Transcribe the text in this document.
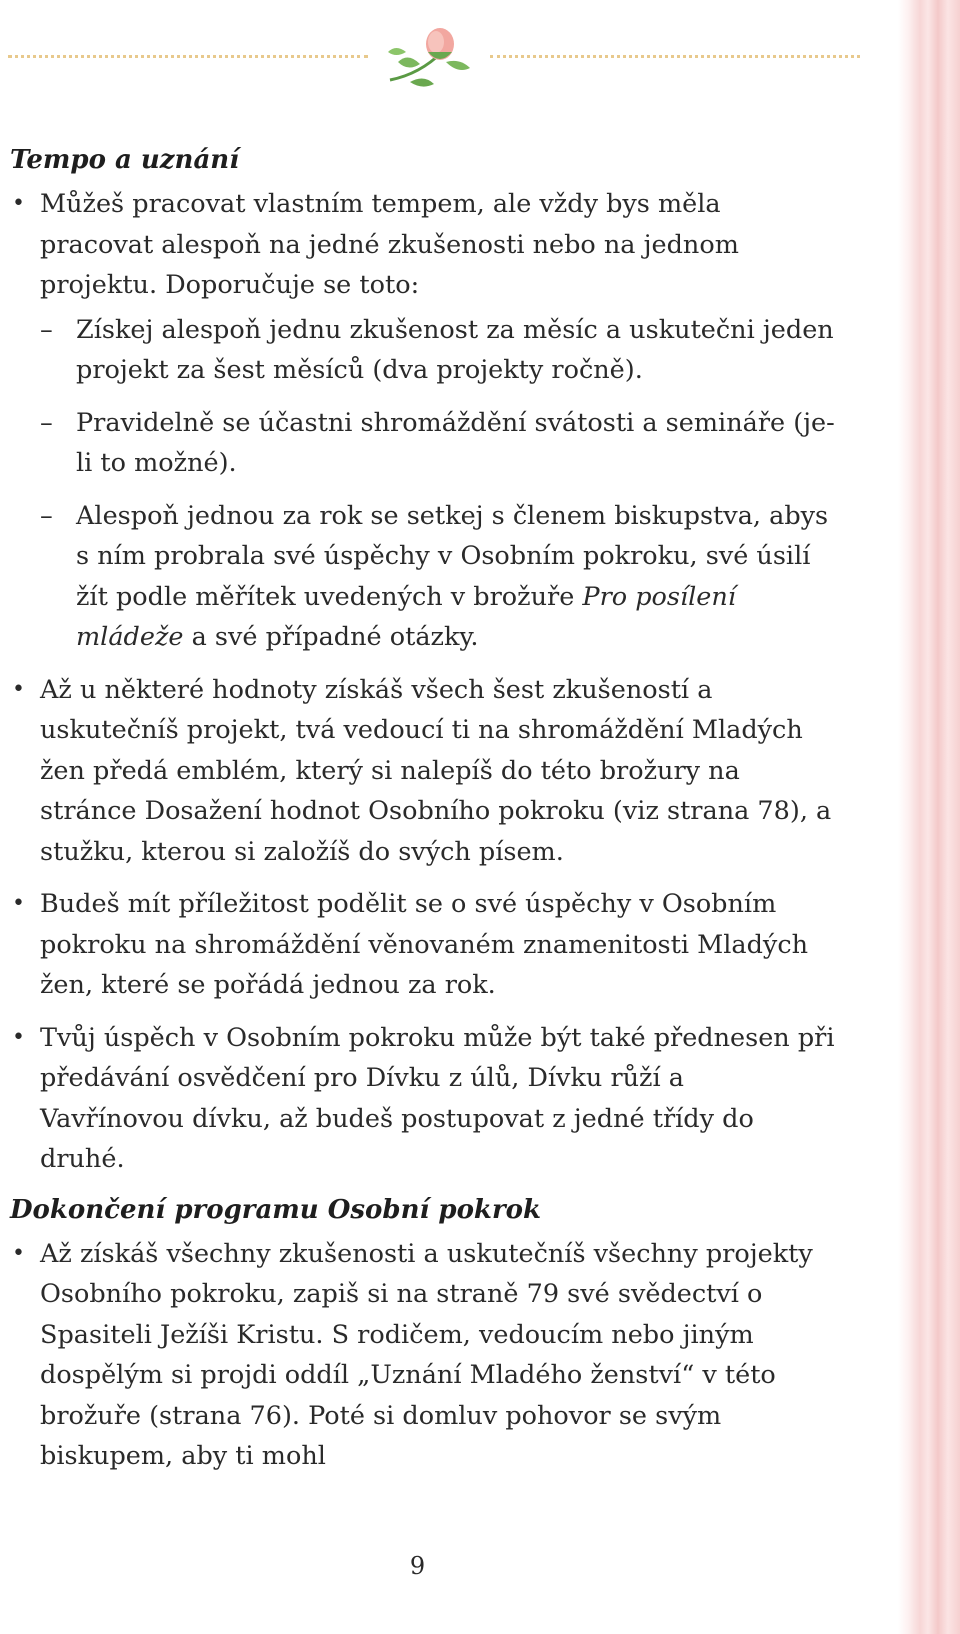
Tempo a uznání
• Můžeš pracovat vlastním tempem, ale vždy bys měla pracovat alespoň na jedné zkušenosti nebo na jednom projektu. Doporučuje se toto:
– Získej alespoň jednu zkušenost za měsíc a uskutečni jeden projekt za šest měsíců (dva projekty ročně).
– Pravidelně se účastni shromáždění svátosti a semináře (je-li to možné).
– Alespoň jednou za rok se setkej s členem biskupstva, abys s ním probrala své úspěchy v Osobním pokroku, své úsilí žít podle měřítek uvedených v brožuře Pro posílení mládeže a své případné otázky.
• Až u některé hodnoty získáš všech šest zkušeností a uskutečníš projekt, tvá vedoucí ti na shromáždění Mladých žen předá emblém, který si nalepíš do této brožury na stránce Dosažení hodnot Osobního pokroku (viz strana 78), a stužku, kterou si založíš do svých písem.
• Budeš mít příležitost podělit se o své úspěchy v Osobním pokroku na shromáždění věnovaném znamenitosti Mladých žen, které se pořádá jednou za rok.
• Tvůj úspěch v Osobním pokroku může být také přednesen při předávání osvědčení pro Dívku z úlů, Dívku růží a Vavřínovou dívku, až budeš postupovat z jedné třídy do druhé.
Dokončení programu Osobní pokrok
• Až získáš všechny zkušenosti a uskutečníš všechny projekty Osobního pokroku, zapiš si na straně 79 své svědectví o Spasiteli Ježíši Kristu. S rodičem, vedoucím nebo jiným dospělým si projdi oddíl „Uznání Mladého ženství“ v této brožuře (strana 76). Poté si domluv pohovor se svým biskupem, aby ti mohl
9
